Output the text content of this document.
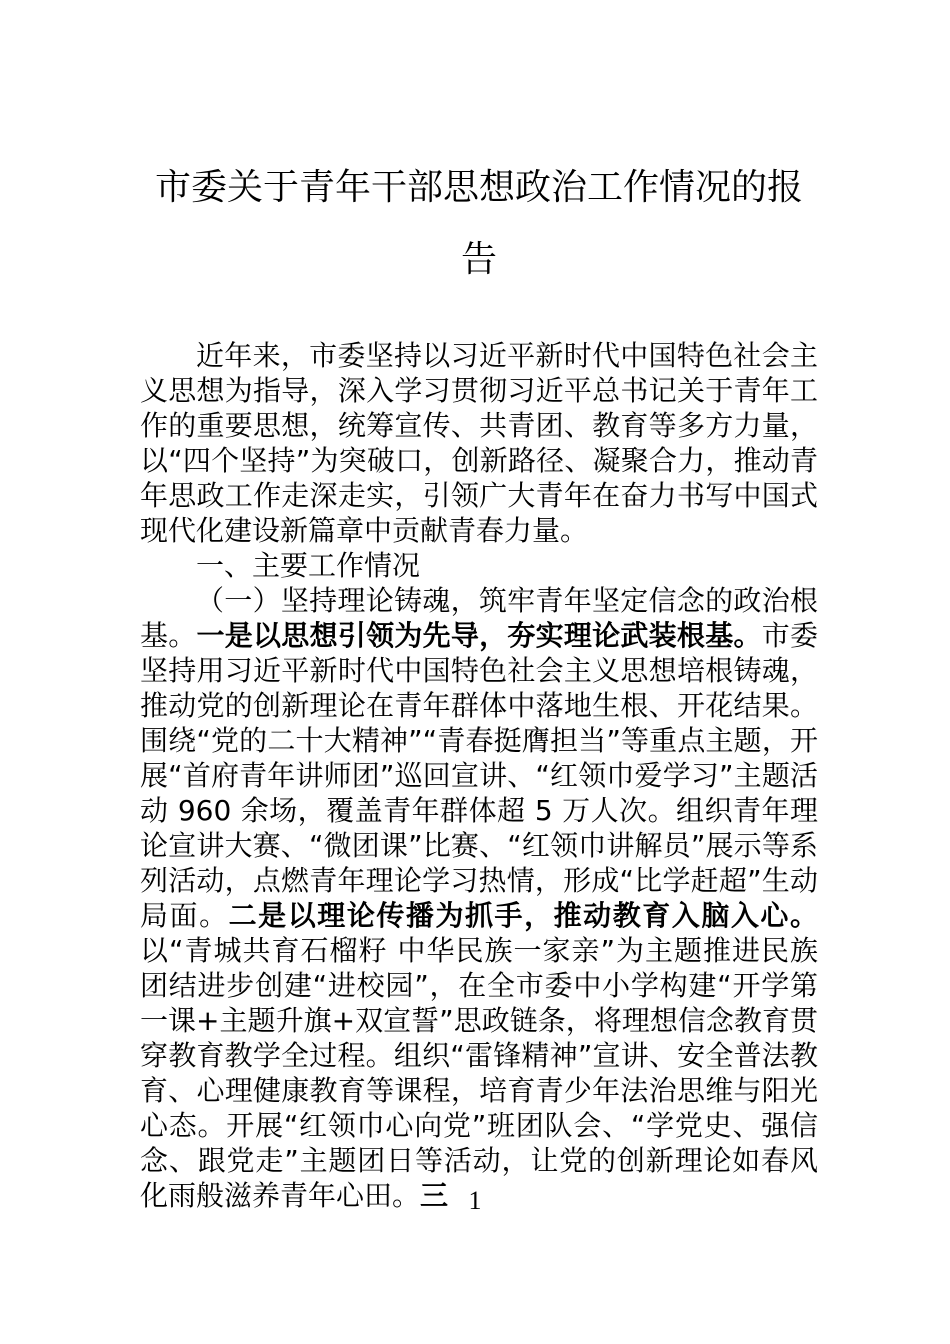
市委关于青年干部思想政治工作情况的报
告

近年来，市委坚持以习近平新时代中国特色社会主义思想为指导，深入学习贯彻习近平总书记关于青年工作的重要思想，统筹宣传、共青团、教育等多方力量，以“四个坚持”为突破口，创新路径、凝聚合力，推动青年思政工作走深走实，引领广大青年在奋力书写中国式现代化建设新篇章中贡献青春力量。

一、主要工作情况

（一）坚持理论铸魂，筑牢青年坚定信念的政治根基。一是以思想引领为先导，夯实理论武装根基。市委坚持用习近平新时代中国特色社会主义思想培根铸魂，推动党的创新理论在青年群体中落地生根、开花结果。围绕“党的二十大精神”“青春挺膺担当”等重点主题，开展“首府青年讲师团”巡回宣讲、“红领巾爱学习”主题活动 960 余场，覆盖青年群体超 5 万人次。组织青年理论宣讲大赛、“微团课”比赛、“红领巾讲解员”展示等系列活动，点燃青年理论学习热情，形成“比学赶超”生动局面。二是以理论传播为抓手，推动教育入脑入心。以“青城共育石榴籽 中华民族一家亲”为主题推进民族团结进步创建“进校园”，在全市委中小学构建“开学第一课+主题升旗+双宣誓”思政链条，将理想信念教育贯穿教育教学全过程。组织“雷锋精神”宣讲、安全普法教育、心理健康教育等课程，培育青少年法治思维与阳光心态。开展“红领巾心向党”班团队会、“学党史、强信念、跟党走”主题团日等活动，让党的创新理论如春风化雨般滋养青年心田。三 1
